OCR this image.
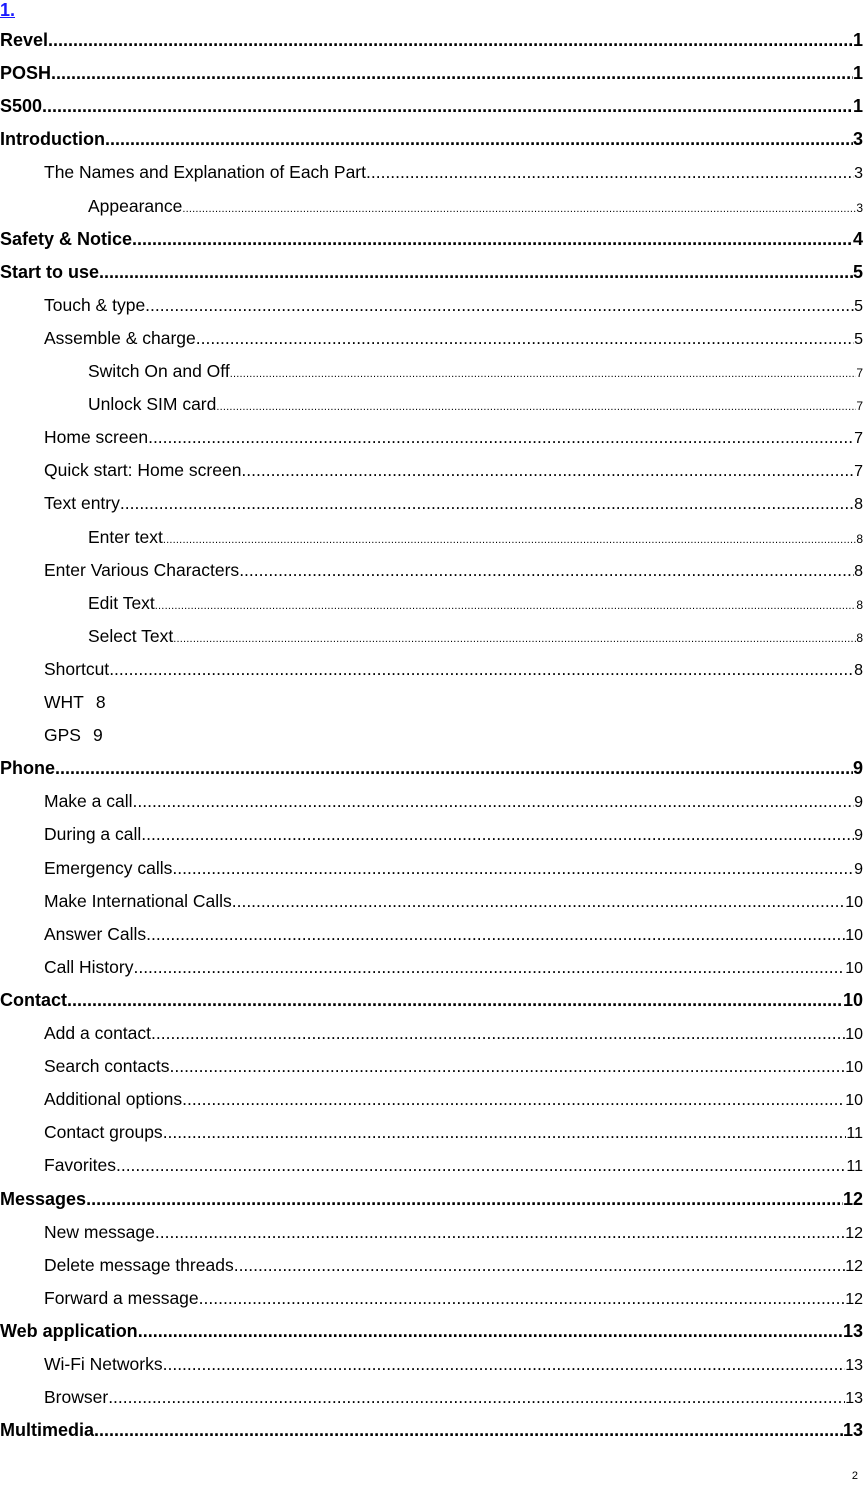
1.
Revel .....	1
POSH .....	1
S500 .....	1
Introduction .....	3
The Names and Explanation of Each Part .....	3
Appearance .....	3
Safety & Notice .....	4
Start to use .....	5
Touch & type .....	5
Assemble & charge .....	5
Switch On and Off .....	7
Unlock SIM card .....	7
Home screen .....	7
Quick start: Home screen .....	7
Text entry .....	8
Enter text .....	8
Enter Various Characters .....	8
Edit Text .....	8
Select Text .....	8
Shortcut .....	8
WHT 8
GPS 9
Phone .....	9
Make a call .....	9
During a call .....	9
Emergency calls .....	9
Make International Calls .....	10
Answer Calls .....	10
Call History .....	10
Contact .....	10
Add a contact .....	10
Search contacts .....	10
Additional options .....	10
Contact groups .....	11
Favorites .....	11
Messages .....	12
New message .....	12
Delete message threads .....	12
Forward a message .....	12
Web application .....	13
Wi-Fi Networks .....	13
Browser .....	13
Multimedia .....	13
2
